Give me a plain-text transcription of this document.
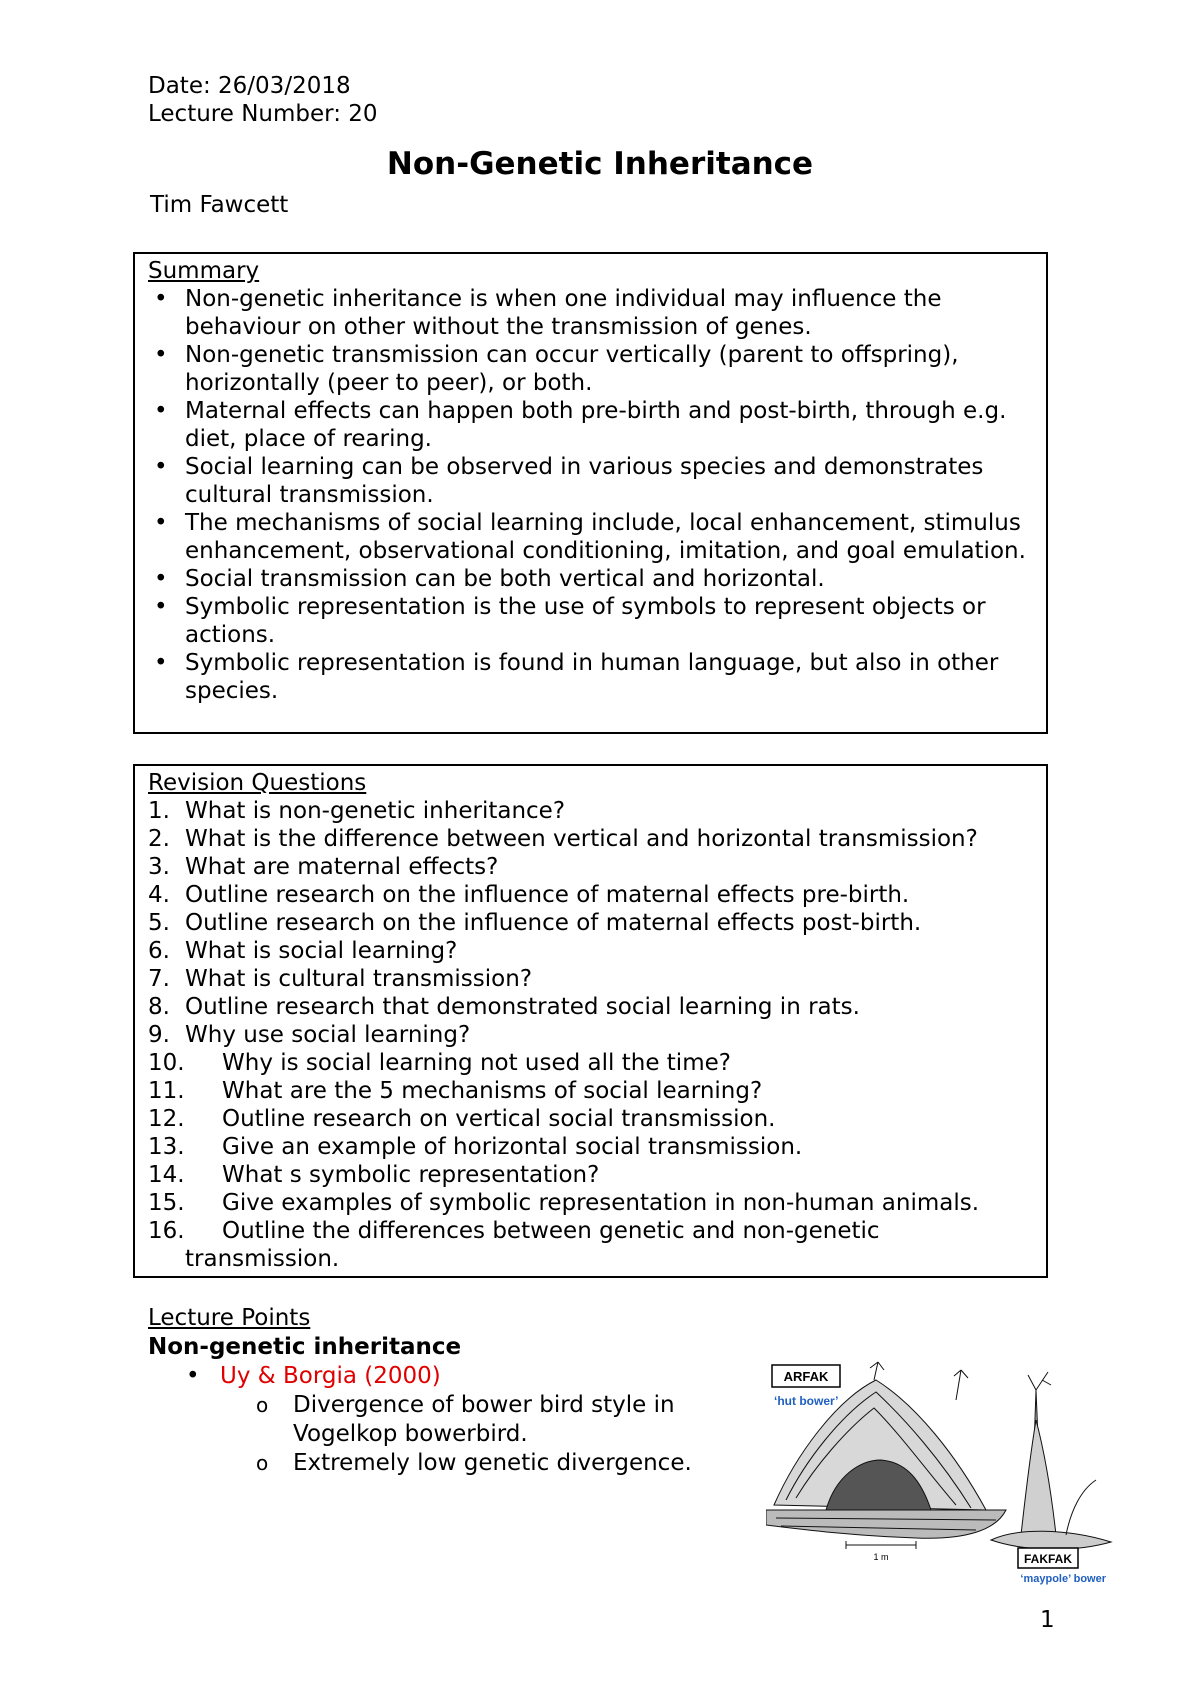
Date: 26/03/2018
Lecture Number: 20
Non-Genetic Inheritance
Tim Fawcett
Summary
• Non-genetic inheritance is when one individual may influence the behaviour on other without the transmission of genes.
• Non-genetic transmission can occur vertically (parent to offspring), horizontally (peer to peer), or both.
• Maternal effects can happen both pre-birth and post-birth, through e.g. diet, place of rearing.
• Social learning can be observed in various species and demonstrates cultural transmission.
• The mechanisms of social learning include, local enhancement, stimulus enhancement, observational conditioning, imitation, and goal emulation.
• Social transmission can be both vertical and horizontal.
• Symbolic representation is the use of symbols to represent objects or actions.
• Symbolic representation is found in human language, but also in other species.
Revision Questions
1. What is non-genetic inheritance?
2. What is the difference between vertical and horizontal transmission?
3. What are maternal effects?
4. Outline research on the influence of maternal effects pre-birth.
5. Outline research on the influence of maternal effects post-birth.
6. What is social learning?
7. What is cultural transmission?
8. Outline research that demonstrated social learning in rats.
9. Why use social learning?
10. Why is social learning not used all the time?
11. What are the 5 mechanisms of social learning?
12. Outline research on vertical social transmission.
13. Give an example of horizontal social transmission.
14. What s symbolic representation?
15. Give examples of symbolic representation in non-human animals.
16. Outline the differences between genetic and non-genetic transmission.
Lecture Points
Non-genetic inheritance
• Uy & Borgia (2000)
o Divergence of bower bird style in Vogelkop bowerbird.
o Extremely low genetic divergence.
ARFAK
‘hut bower’
1 m	FAKFAK
‘maypole’ bower
1
